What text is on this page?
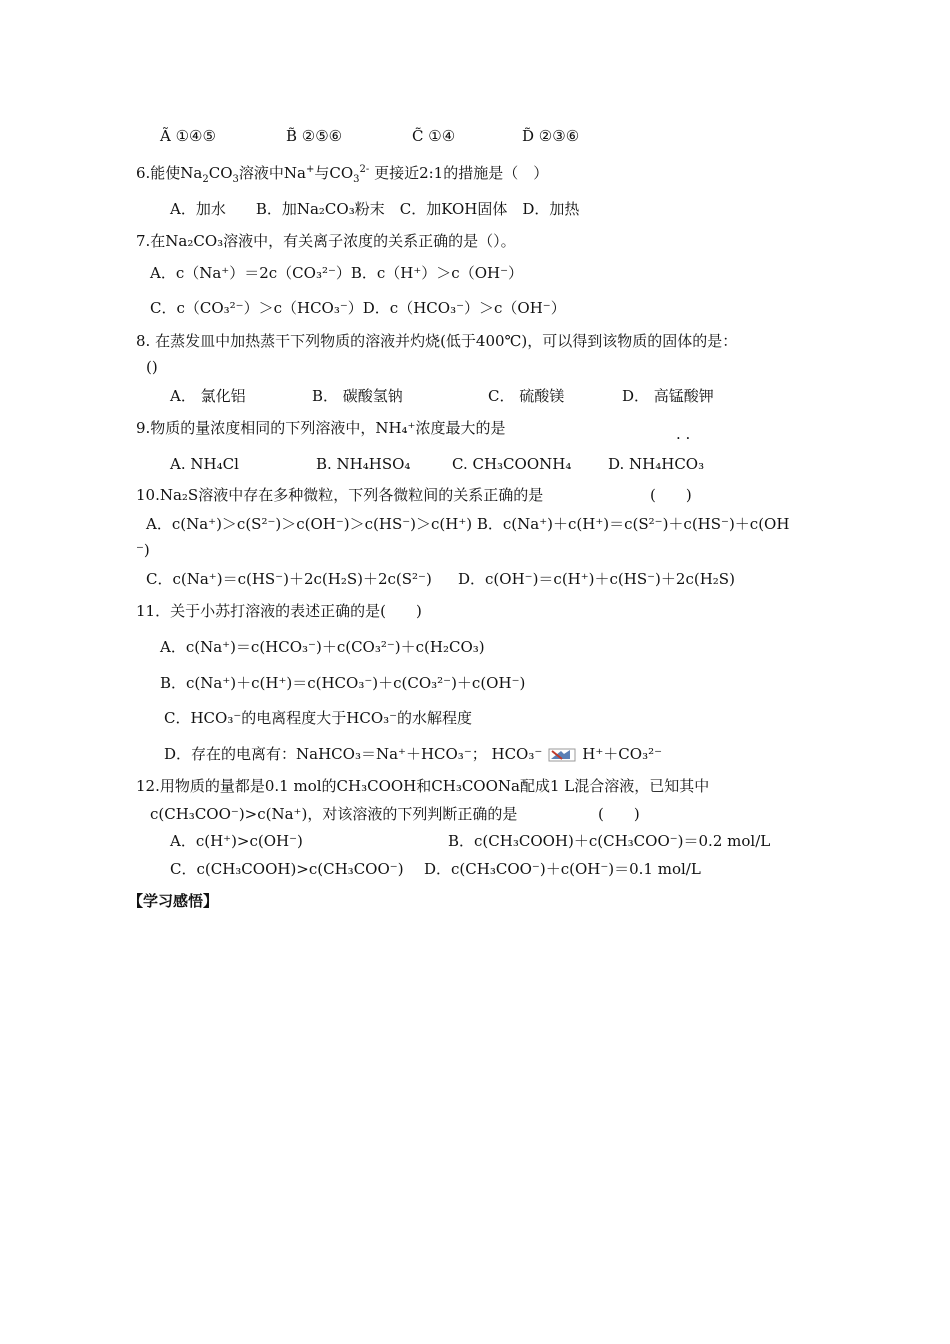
Ã ①④⑤	B̃ ②⑤⑥	C̃ ①④	D̃ ②③⑥
6.能使$Na_2CO_3$溶液中Na+与$CO_3^{2-}$ 更接近2:1的措施是（　）
A．加水　　B．加Na₂CO₃粉末　C．加KOH固体　D．加热
7.在Na₂CO₃溶液中，有关离子浓度的关系正确的是（）。
A．c（Na⁺）＝2c（CO₃²⁻）B．c（H⁺）＞c（OH⁻）
C．c（CO₃²⁻）＞c（HCO₃⁻）D．c（HCO₃⁻）＞c（OH⁻）
8. 在蒸发皿中加热蒸干下列物质的溶液并灼烧(低于400℃)，可以得到该物质的固体的是：
()
A． 氯化铝	B． 碳酸氢钠	C． 硫酸镁	D． 高锰酸钾
9.物质的量浓度相同的下列溶液中，NH₄⁺浓度最大的是	. .
A. NH₄Cl	B. NH₄HSO₄	C. CH₃COONH₄ D. NH₄HCO₃
10.Na₂S溶液中存在多种微粒，下列各微粒间的关系正确的是	(　　)
A．c(Na⁺)＞c(S²⁻)＞c(OH⁻)＞c(HS⁻)＞c(H⁺) B．c(Na⁺)＋c(H⁺)＝c(S²⁻)＋c(HS⁻)＋c(OH
⁻)
C．c(Na⁺)＝c(HS⁻)＋2c(H₂S)＋2c(S²⁻) D．c(OH⁻)＝c(H⁺)＋c(HS⁻)＋2c(H₂S)
11．关于小苏打溶液的表述正确的是(　　)
A．c(Na⁺)＝c(HCO₃⁻)＋c(CO₃²⁻)＋c(H₂CO₃)
B．c(Na⁺)＋c(H⁺)＝c(HCO₃⁻)＋c(CO₃²⁻)＋c(OH⁻)
C．HCO₃⁻的电离程度大于HCO₃⁻的水解程度
D．存在的电离有：NaHCO₃＝Na⁺＋HCO₃⁻； HCO₃⁻	H⁺＋CO₃²⁻
12.用物质的量都是0.1 mol的CH₃COOH和CH₃COONa配成1 L混合溶液，已知其中
c(CH₃COO⁻)>c(Na⁺)，对该溶液的下列判断正确的是	(　　)
A．c(H⁺)>c(OH⁻)	B．c(CH₃COOH)＋c(CH₃COO⁻)＝0.2 mol/L
C．c(CH₃COOH)>c(CH₃COO⁻) D．c(CH₃COO⁻)＋c(OH⁻)＝0.1 mol/L
【学习感悟】
